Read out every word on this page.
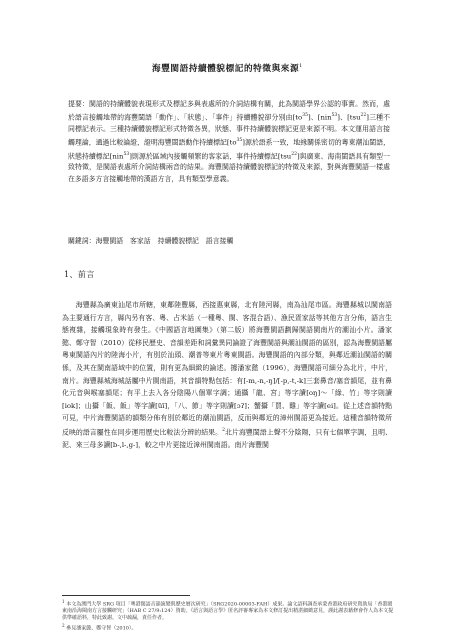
海豐閩語持續體貌標記的特徵與來源$^1$
提要：閩語的持續體貌表現形式及標記多與表處所的介詞結構有關，此為閩語學界公認的事實。然而，處於語言接觸地帶的海豐閩語「動作」、「狀態」、「事件」持續體貌卻分別由$[to^{35}]$、[nin$^{53}$]、[tsu$^{22}$]三種不同標記表示。三種持續體貌標記形式特徵各異，狀態、事件持續體貌標記更是來源不明。本文運用語言接觸理論，通過比較論證，證明海豐閩語動作持續標記$[to^{35}]$源於語系一致，地緣關係密切的粵東潮汕閩語，狀態持續標記[nin$^{53}$]則源於區域內接觸頻繁的客家話，事件持續標記[tsu$^{22}$]與廣東、海南閩語具有類型一致特徵，是閩語表處所介詞結構兩音的結果。海豐閩語持續體貌標記的特徵及來源，對與海豐閩語一樣處在多語多方言接觸地帶的漢語方言，具有類型學意義。
關鍵詞：海豐閩語　客家話　持續體貌標記　語言接觸
1、前言

海豐縣為廣東汕尾市所轄，東鄰陸豐縣，西接惠東縣，北有陸河縣，南為汕尾市區。海豐縣城以閩南語為主要通行方言，縣內另有客、粵、占米話（一種粵、閩、客混合語）、漁民疍家話等其他方言分佈，語言生態複雜，接觸現象時有發生。《中國語言地圖集》（第二版）將海豐閩語劃歸閩語閩南片的潮汕小片。潘家懿、鄭守智（2010）從移民歷史、音韻差距和詞彙異同論證了海豐閩語與潮汕閩語的區別，認為海豐閩語屬粵東閩語內片的陸海小片，有別於汕頭、潮普等東片粵東閩語。海豐閩語的內部分類，與鄰近潮汕閩語的關係，及其在閩南語域中的位置，則有更為細緻的論述。據潘家懿（1996），海豐閩語可細分為北片，中片，南片。海豐縣城海城話屬中片閩南語，其音韻特點包括：有[-m,-n,-ŋ]/[-p,-t,-k]三套鼻音/塞音韻尾，並有鼻化元音與喉塞韻尾；有平上去入各分陰陽八個單字調；通攝「龍、宮」等字讀[oŋ]～「綠、竹」等字則讀[iok]；山攝「飯、飯」等字讀[ũĩ]，「八、節」等字則讀[ɔʔ]；蟹攝「買、雞」等字讀[ei]。從上述音韻特點可見，中片海豐閩語的韻類分佈有別於鄰近的潮汕閩語，反而與鄰近的漳州閩語更為接近。這種音韻特徵所反映的語言屬性在同步運用歷史比較法分辨的結果。$^2$北片海豐閩語上聲不分陰陽，只有七個單字調，且明、泥、來三母多讀[b-,l-,g-]，較之中片更接近漳州閩南語。南片海豐閩

$^1$ 本文為澳門大學 SRG 項目「粵港閩語音韻演變與歷史層次研究」（SRG2020-00003-FAH）成果。論文語料調查承蒙香港政府研究資助局「香港閩東南沿海閩南方言接觸研究」（HAB C 27/9:124）資助。《語言與語言學》匿名評審專家為本文修訂提出精湛細緻意見，謹此謝表藉修會作人為本文提供準確語料，特此致謝。文中疏漏，責任作者。
$^2$ 參見潘家懿、鄭守智（2010）。
